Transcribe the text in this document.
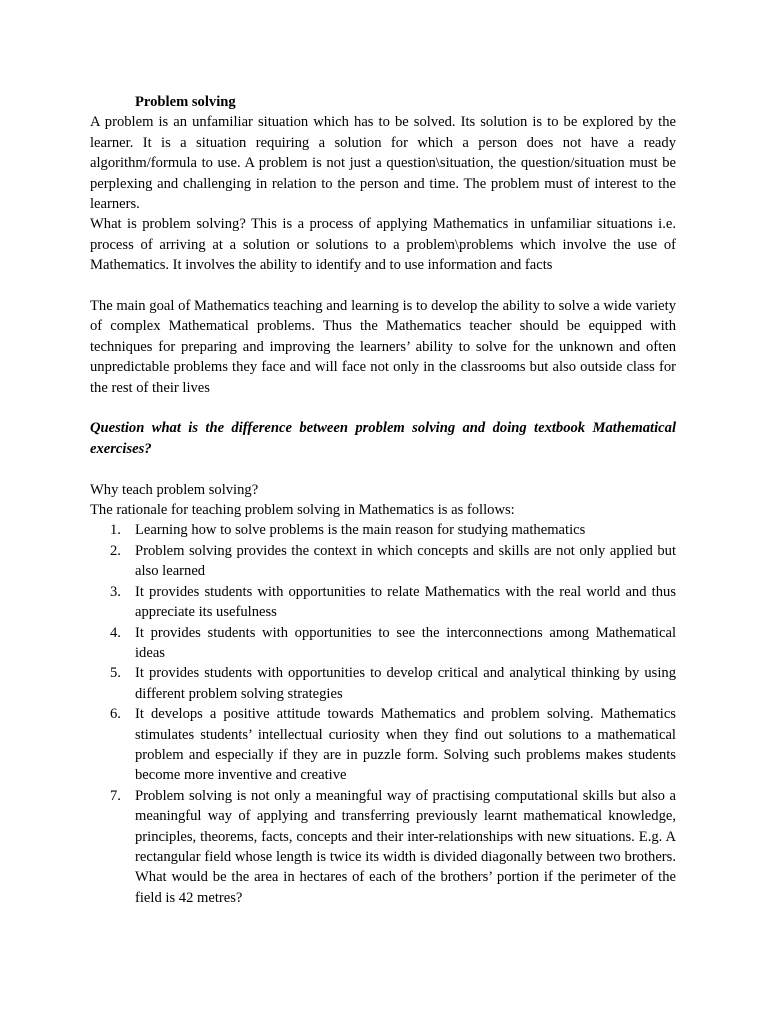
Problem solving

A problem is an unfamiliar situation which has to be solved. Its solution is to be explored by the learner. It is a situation requiring a solution for which a person does not have a ready algorithm/formula to use. A problem is not just a question\situation, the question/situation must be perplexing and challenging in relation to the person and time. The problem must of interest to the learners.

What is problem solving? This is a process of applying Mathematics in unfamiliar situations i.e. process of arriving at a solution or solutions to a problem\problems which involve the use of Mathematics. It involves the ability to identify and to use information and facts

The main goal of Mathematics teaching and learning is to develop the ability to solve a wide variety of complex Mathematical problems. Thus the Mathematics teacher should be equipped with techniques for preparing and improving the learners’ ability to solve for the unknown and often unpredictable problems they face and will face not only in the classrooms but also outside class for the rest of their lives

Question what is the difference between problem solving and doing textbook Mathematical exercises?

Why teach problem solving?

The rationale for teaching problem solving in Mathematics is as follows:

1. Learning how to solve problems is the main reason for studying mathematics
2. Problem solving provides the context in which concepts and skills are not only applied but also learned
3. It provides students with opportunities to relate Mathematics with the real world and thus appreciate its usefulness
4. It provides students with opportunities to see the interconnections among Mathematical ideas
5. It provides students with opportunities to develop critical and analytical thinking by using different problem solving strategies
6. It develops a positive attitude towards Mathematics and problem solving. Mathematics stimulates students’ intellectual curiosity when they find out solutions to a mathematical problem and especially if they are in puzzle form. Solving such problems makes students become more inventive and creative
7. Problem solving is not only a meaningful way of practising computational skills but also a meaningful way of applying and transferring previously learnt mathematical knowledge, principles, theorems, facts, concepts and their inter-relationships with new situations. E.g. A rectangular field whose length is twice its width is divided diagonally between two brothers. What would be the area in hectares of each of the brothers’ portion if the perimeter of the field is 42 metres?
